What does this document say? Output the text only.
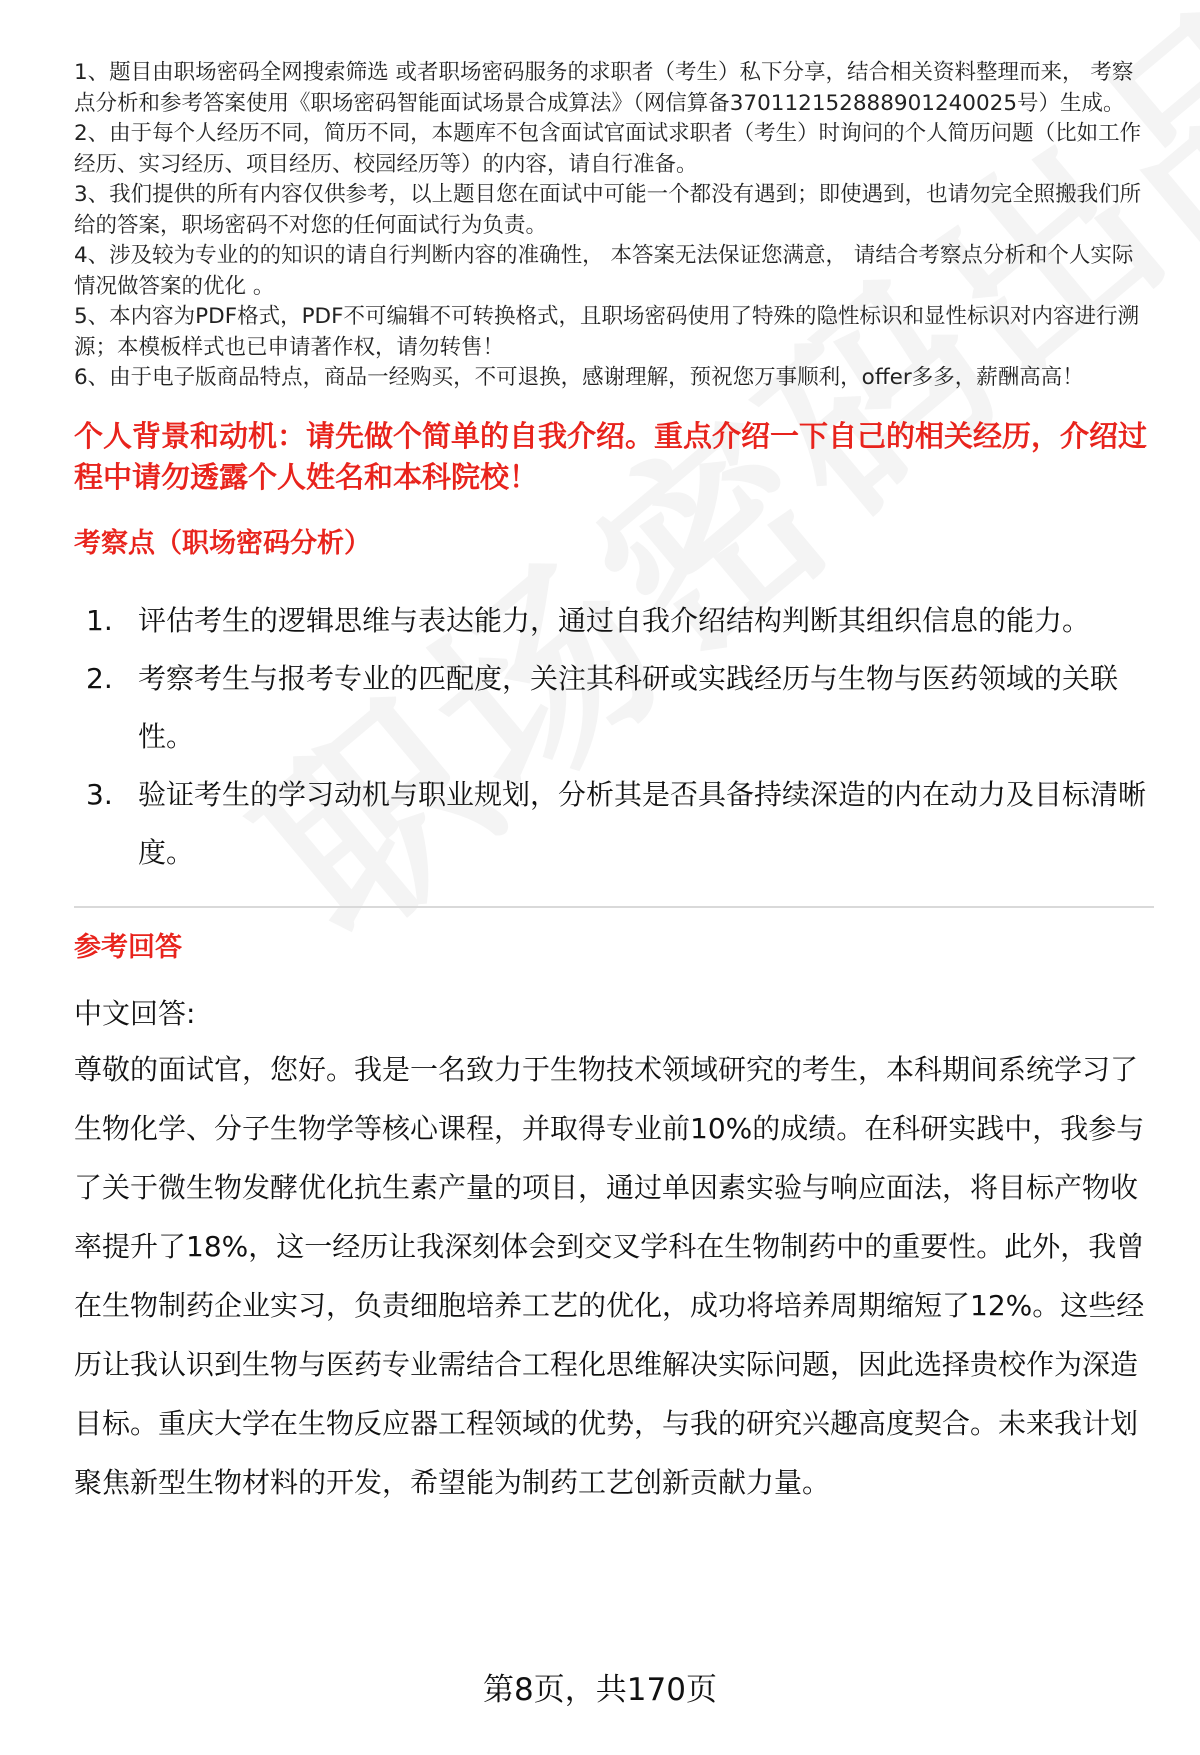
1、题目由职场密码全网搜索筛选 或者职场密码服务的求职者（考生）私下分享，结合相关资料整理而来， 考察点分析和参考答案使用《职场密码智能面试场景合成算法》（网信算备370112152888901240025号）生成。
2、由于每个人经历不同，简历不同，本题库不包含面试官面试求职者（考生）时询问的个人简历问题（比如工作经历、实习经历、项目经历、校园经历等）的内容，请自行准备。
3、我们提供的所有内容仅供参考，以上题目您在面试中可能一个都没有遇到；即使遇到，也请勿完全照搬我们所给的答案，职场密码不对您的任何面试行为负责。
4、涉及较为专业的的知识的请自行判断内容的准确性， 本答案无法保证您满意， 请结合考察点分析和个人实际情况做答案的优化 。
5、本内容为PDF格式，PDF不可编辑不可转换格式，且职场密码使用了特殊的隐性标识和显性标识对内容进行溯源；本模板样式也已申请著作权，请勿转售！
6、由于电子版商品特点，商品一经购买，不可退换，感谢理解，预祝您万事顺利，offer多多，薪酬高高！
个人背景和动机：请先做个简单的自我介绍。重点介绍一下自己的相关经历，介绍过程中请勿透露个人姓名和本科院校！
考察点（职场密码分析）
1. 评估考生的逻辑思维与表达能力，通过自我介绍结构判断其组织信息的能力。
2. 考察考生与报考专业的匹配度，关注其科研或实践经历与生物与医药领域的关联性。
3. 验证考生的学习动机与职业规划，分析其是否具备持续深造的内在动力及目标清晰度。
参考回答
中文回答:
尊敬的面试官，您好。我是一名致力于生物技术领域研究的考生，本科期间系统学习了生物化学、分子生物学等核心课程，并取得专业前10%的成绩。在科研实践中，我参与了关于微生物发酵优化抗生素产量的项目，通过单因素实验与响应面法，将目标产物收率提升了18%，这一经历让我深刻体会到交叉学科在生物制药中的重要性。此外，我曾在生物制药企业实习，负责细胞培养工艺的优化，成功将培养周期缩短了12%。这些经历让我认识到生物与医药专业需结合工程化思维解决实际问题，因此选择贵校作为深造目标。重庆大学在生物反应器工程领域的优势，与我的研究兴趣高度契合。未来我计划聚焦新型生物材料的开发，希望能为制药工艺创新贡献力量。
第8页，共170页
